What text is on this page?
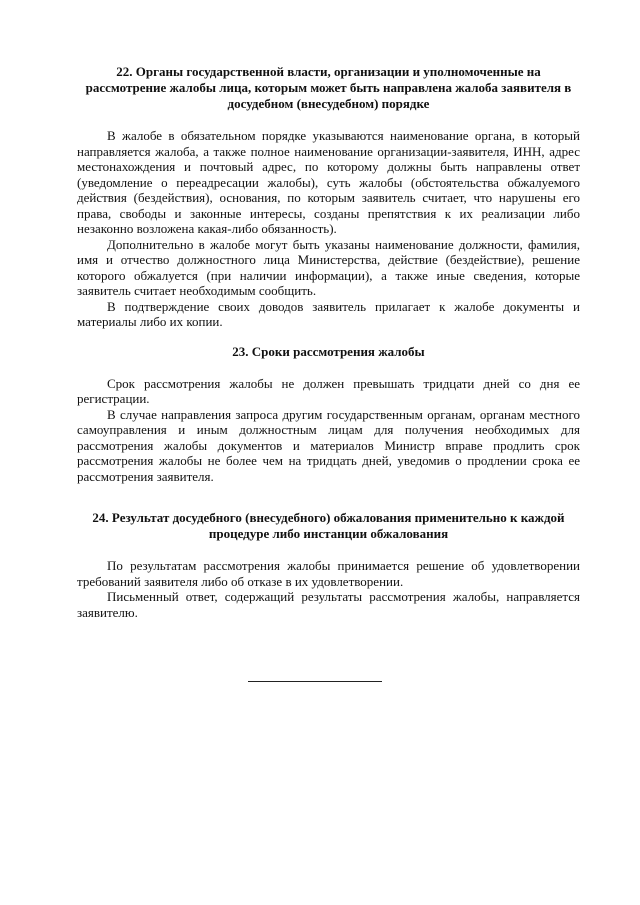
22. Органы государственной власти, организации и уполномоченные на рассмотрение жалобы лица, которым может быть направлена жалоба заявителя в досудебном (внесудебном) порядке

В жалобе в обязательном порядке указываются наименование органа, в который направляется жалоба, а также полное наименование организации-заявителя, ИНН, адрес местонахождения и почтовый адрес, по которому должны быть направлены ответ (уведомление о переадресации жалобы), суть жалобы (обстоятельства обжалуемого действия (бездействия), основания, по которым заявитель считает, что нарушены его права, свободы и законные интересы, созданы препятствия к их реализации либо незаконно возложена какая-либо обязанность).

Дополнительно в жалобе могут быть указаны наименование должности, фамилия, имя и отчество должностного лица Министерства, действие (бездействие), решение которого обжалуется (при наличии информации), а также иные сведения, которые заявитель считает необходимым сообщить.

В подтверждение своих доводов заявитель прилагает к жалобе документы и материалы либо их копии.

23. Сроки рассмотрения жалобы

Срок рассмотрения жалобы не должен превышать тридцати дней со дня ее регистрации.

В случае направления запроса другим государственным органам, органам местного самоуправления и иным должностным лицам для получения необходимых для рассмотрения жалобы документов и материалов Министр вправе продлить срок рассмотрения жалобы не более чем на тридцать дней, уведомив о продлении срока ее рассмотрения заявителя.

24. Результат досудебного (внесудебного) обжалования применительно к каждой процедуре либо инстанции обжалования

По результатам рассмотрения жалобы принимается решение об удовлетворении требований заявителя либо об отказе в их удовлетворении.

Письменный ответ, содержащий результаты рассмотрения жалобы, направляется заявителю.
